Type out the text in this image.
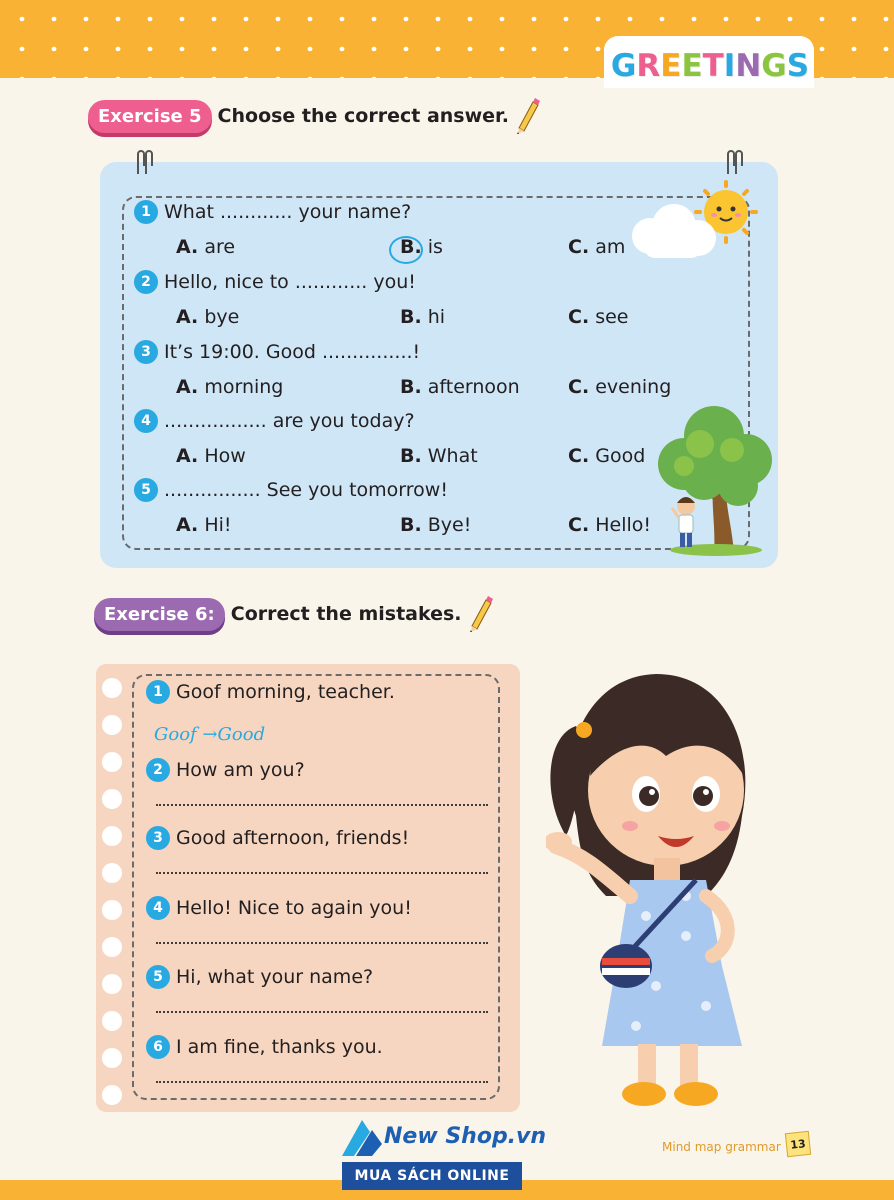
G R E E T I N G S
Exercise 5 Choose the correct answer.
1 What ............ your name?
A. are	B. is	C. am
2 Hello, nice to ............ you!
A. bye	B. hi	C. see
3 It’s 19:00. Good ...............!
A. morning	B. afternoon	C. evening
4 ................. are you today?
A. How	B. What	C. Good
5 ................ See you tomorrow!
A. Hi!	B. Bye!	C. Hello!
Exercise 6: Correct the mistakes.
1 Goof morning, teacher.
2 How am you?
3 Good afternoon, friends!
4 Hello! Nice to again you!
5 Hi, what your name?
6 I am fine, thanks you.
Goof →Good
New Shop.vn
MUA SÁCH ONLINE
Mind map grammar 13
